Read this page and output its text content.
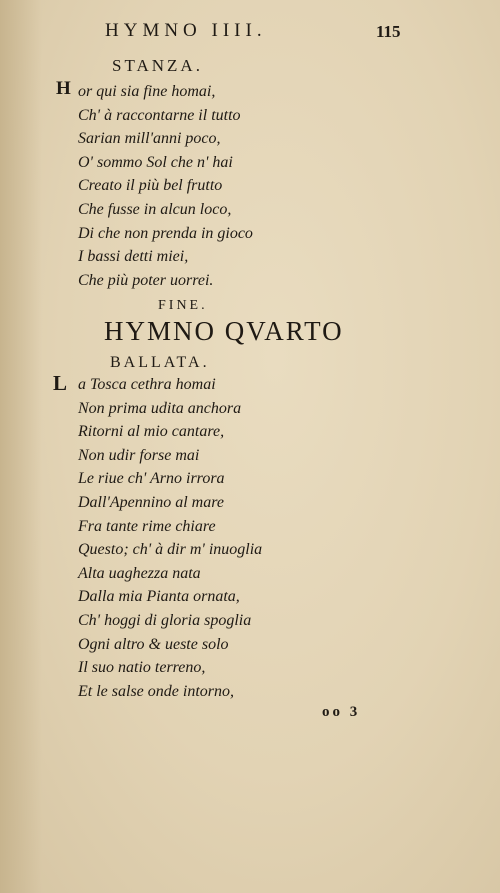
HYMNO IIII.	115
STANZA.
H or qui sia fine homai,
Ch' à raccontarne il tutto
Sarian mill'anni poco,
O' sommo Sol che n' hai
Creato il più bel frutto
Che fusse in alcun loco,
Di che non prenda in gioco
I bassi detti miei,
Che più poter uorrei.
FINE.
HYMNO QVARTO
BALLATA.
L a Tosca cethra homai
Non prima udita anchora
Ritorni al mio cantare,
Non udir forse mai
Le riue ch' Arno irrora
Dall'Apennino al mare
Fra tante rime chiare
Questo; ch' à dir m' inuoglia
Alta uaghezza nata
Dalla mia Pianta ornata,
Ch' hoggi di gloria spoglia
Ogni altro & ueste solo
Il suo natio terreno,
Et le salse onde intorno,
oo 3
